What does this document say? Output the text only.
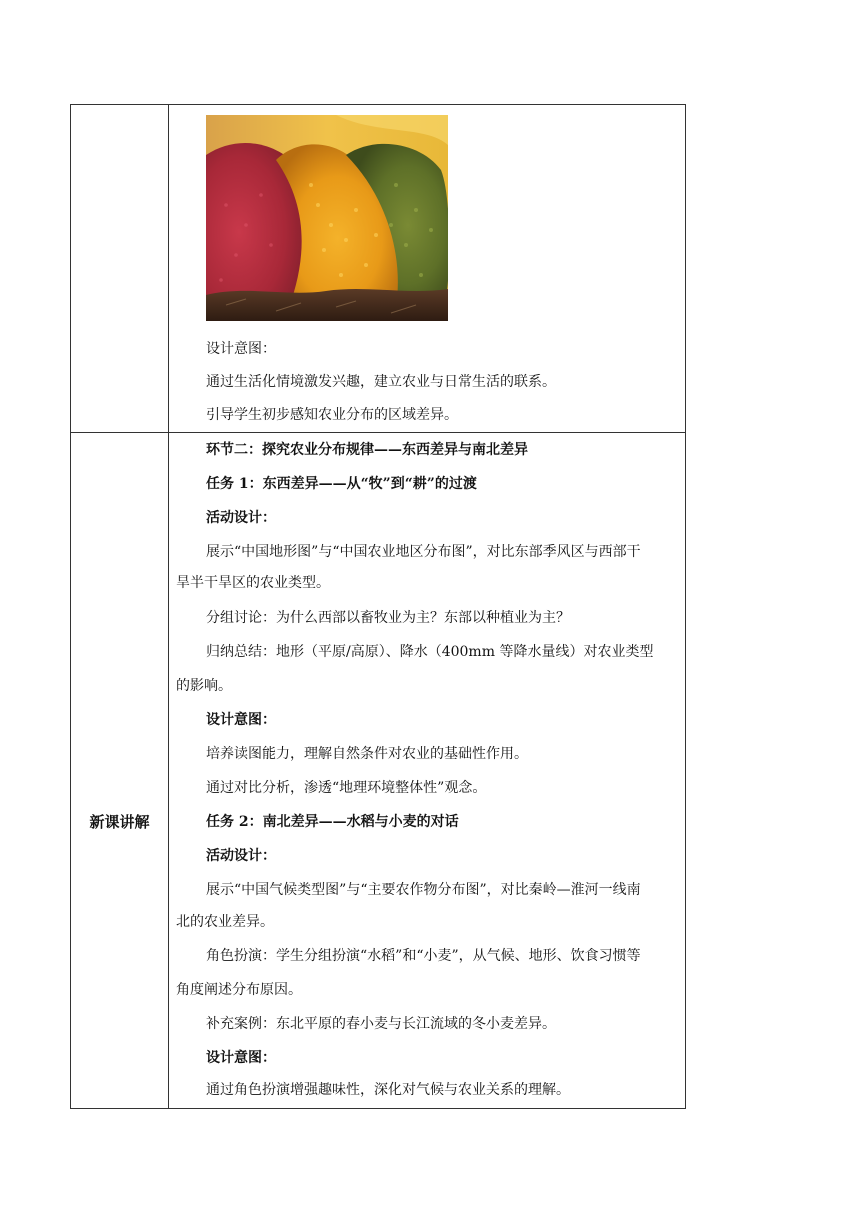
设计意图：
通过生活化情境激发兴趣，建立农业与日常生活的联系。
引导学生初步感知农业分布的区域差异。
新课讲解
环节二：探究农业分布规律——东西差异与南北差异
任务 1：东西差异——从“牧”到“耕”的过渡
活动设计：
展示“中国地形图”与“中国农业地区分布图”，对比东部季风区与西部干
旱半干旱区的农业类型。
分组讨论：为什么西部以畜牧业为主？东部以种植业为主？
归纳总结：地形（平原/高原）、降水（400mm 等降水量线）对农业类型
的影响。
设计意图：
培养读图能力，理解自然条件对农业的基础性作用。
通过对比分析，渗透“地理环境整体性”观念。
任务 2：南北差异——水稻与小麦的对话
活动设计：
展示“中国气候类型图”与“主要农作物分布图”，对比秦岭—淮河一线南
北的农业差异。
角色扮演：学生分组扮演“水稻”和“小麦”，从气候、地形、饮食习惯等
角度阐述分布原因。
补充案例：东北平原的春小麦与长江流域的冬小麦差异。
设计意图：
通过角色扮演增强趣味性，深化对气候与农业关系的理解。
